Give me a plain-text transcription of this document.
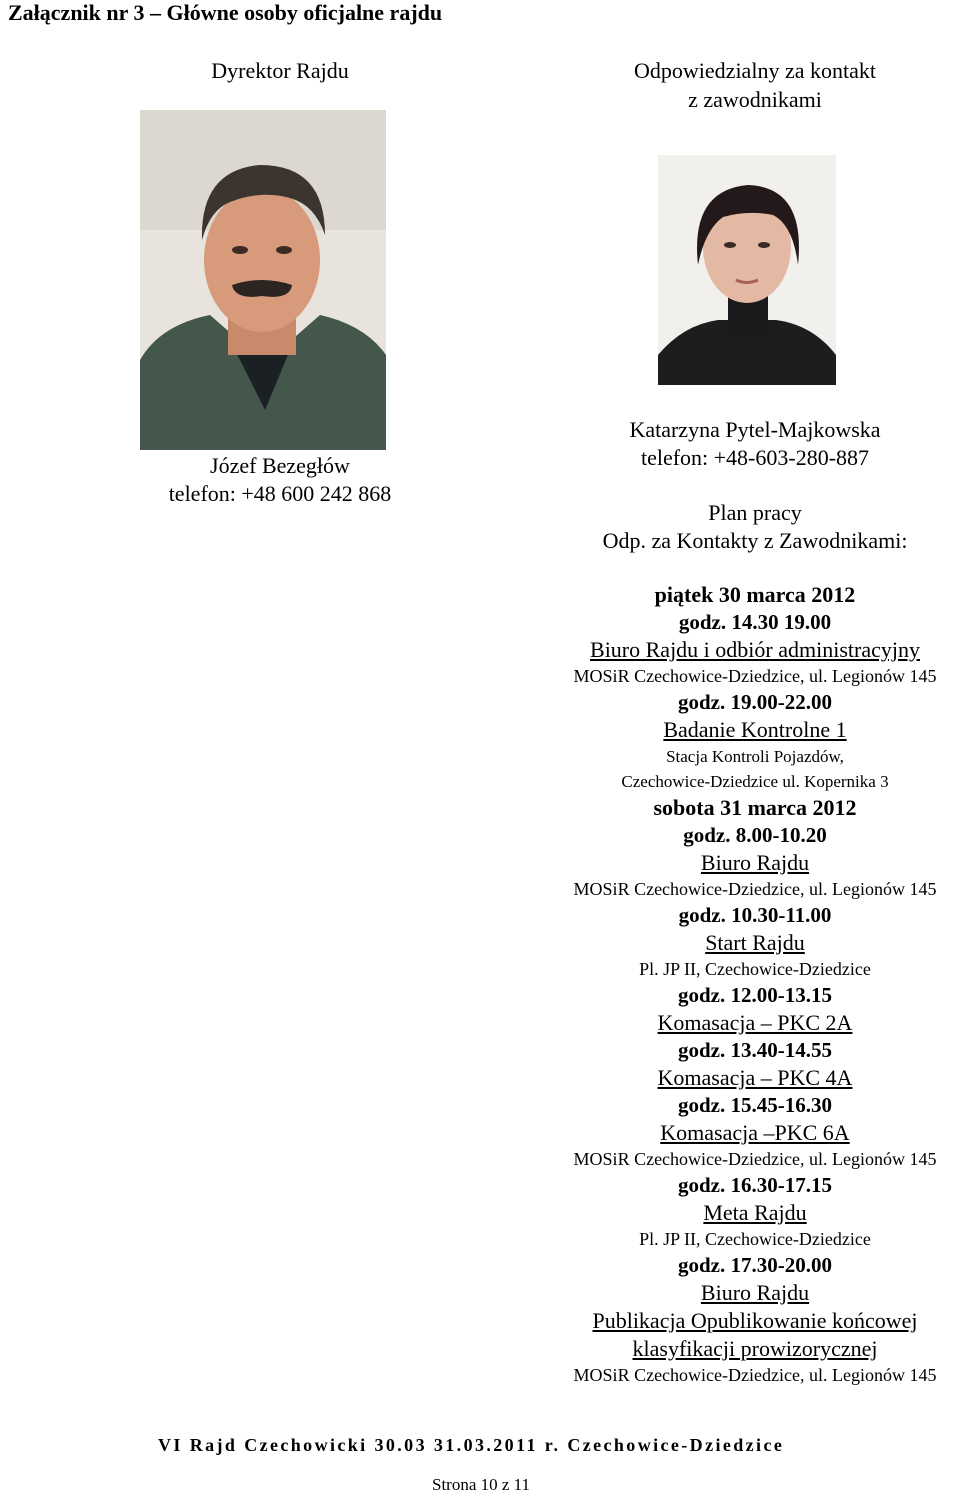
Załącznik nr 3 – Główne osoby oficjalne rajdu
Dyrektor Rajdu
Józef Bezegłów
telefon: +48 600 242 868
Odpowiedzialny za kontakt
z zawodnikami
Katarzyna Pytel-Majkowska
telefon: +48-603-280-887
Plan pracy
Odp. za Kontakty z Zawodnikami:
piątek 30 marca 2012
godz. 14.30 19.00
Biuro Rajdu i odbiór administracyjny
MOSiR Czechowice-Dziedzice, ul. Legionów 145
godz. 19.00-22.00
Badanie Kontrolne 1
Stacja Kontroli Pojazdów,
Czechowice-Dziedzice ul. Kopernika 3
sobota 31 marca 2012
godz. 8.00-10.20
Biuro Rajdu
MOSiR Czechowice-Dziedzice, ul. Legionów 145
godz. 10.30-11.00
Start Rajdu
Pl. JP II, Czechowice-Dziedzice
godz. 12.00-13.15
Komasacja – PKC 2A
godz. 13.40-14.55
Komasacja – PKC 4A
godz. 15.45-16.30
Komasacja –PKC 6A
MOSiR Czechowice-Dziedzice, ul. Legionów 145
godz. 16.30-17.15
Meta Rajdu
Pl. JP II, Czechowice-Dziedzice
godz. 17.30-20.00
Biuro Rajdu
Publikacja Opublikowanie końcowej
klasyfikacji prowizorycznej
MOSiR Czechowice-Dziedzice, ul. Legionów 145
VI Rajd Czechowicki 30.03 31.03.2011 r. Czechowice-Dziedzice
Strona 10 z 11
